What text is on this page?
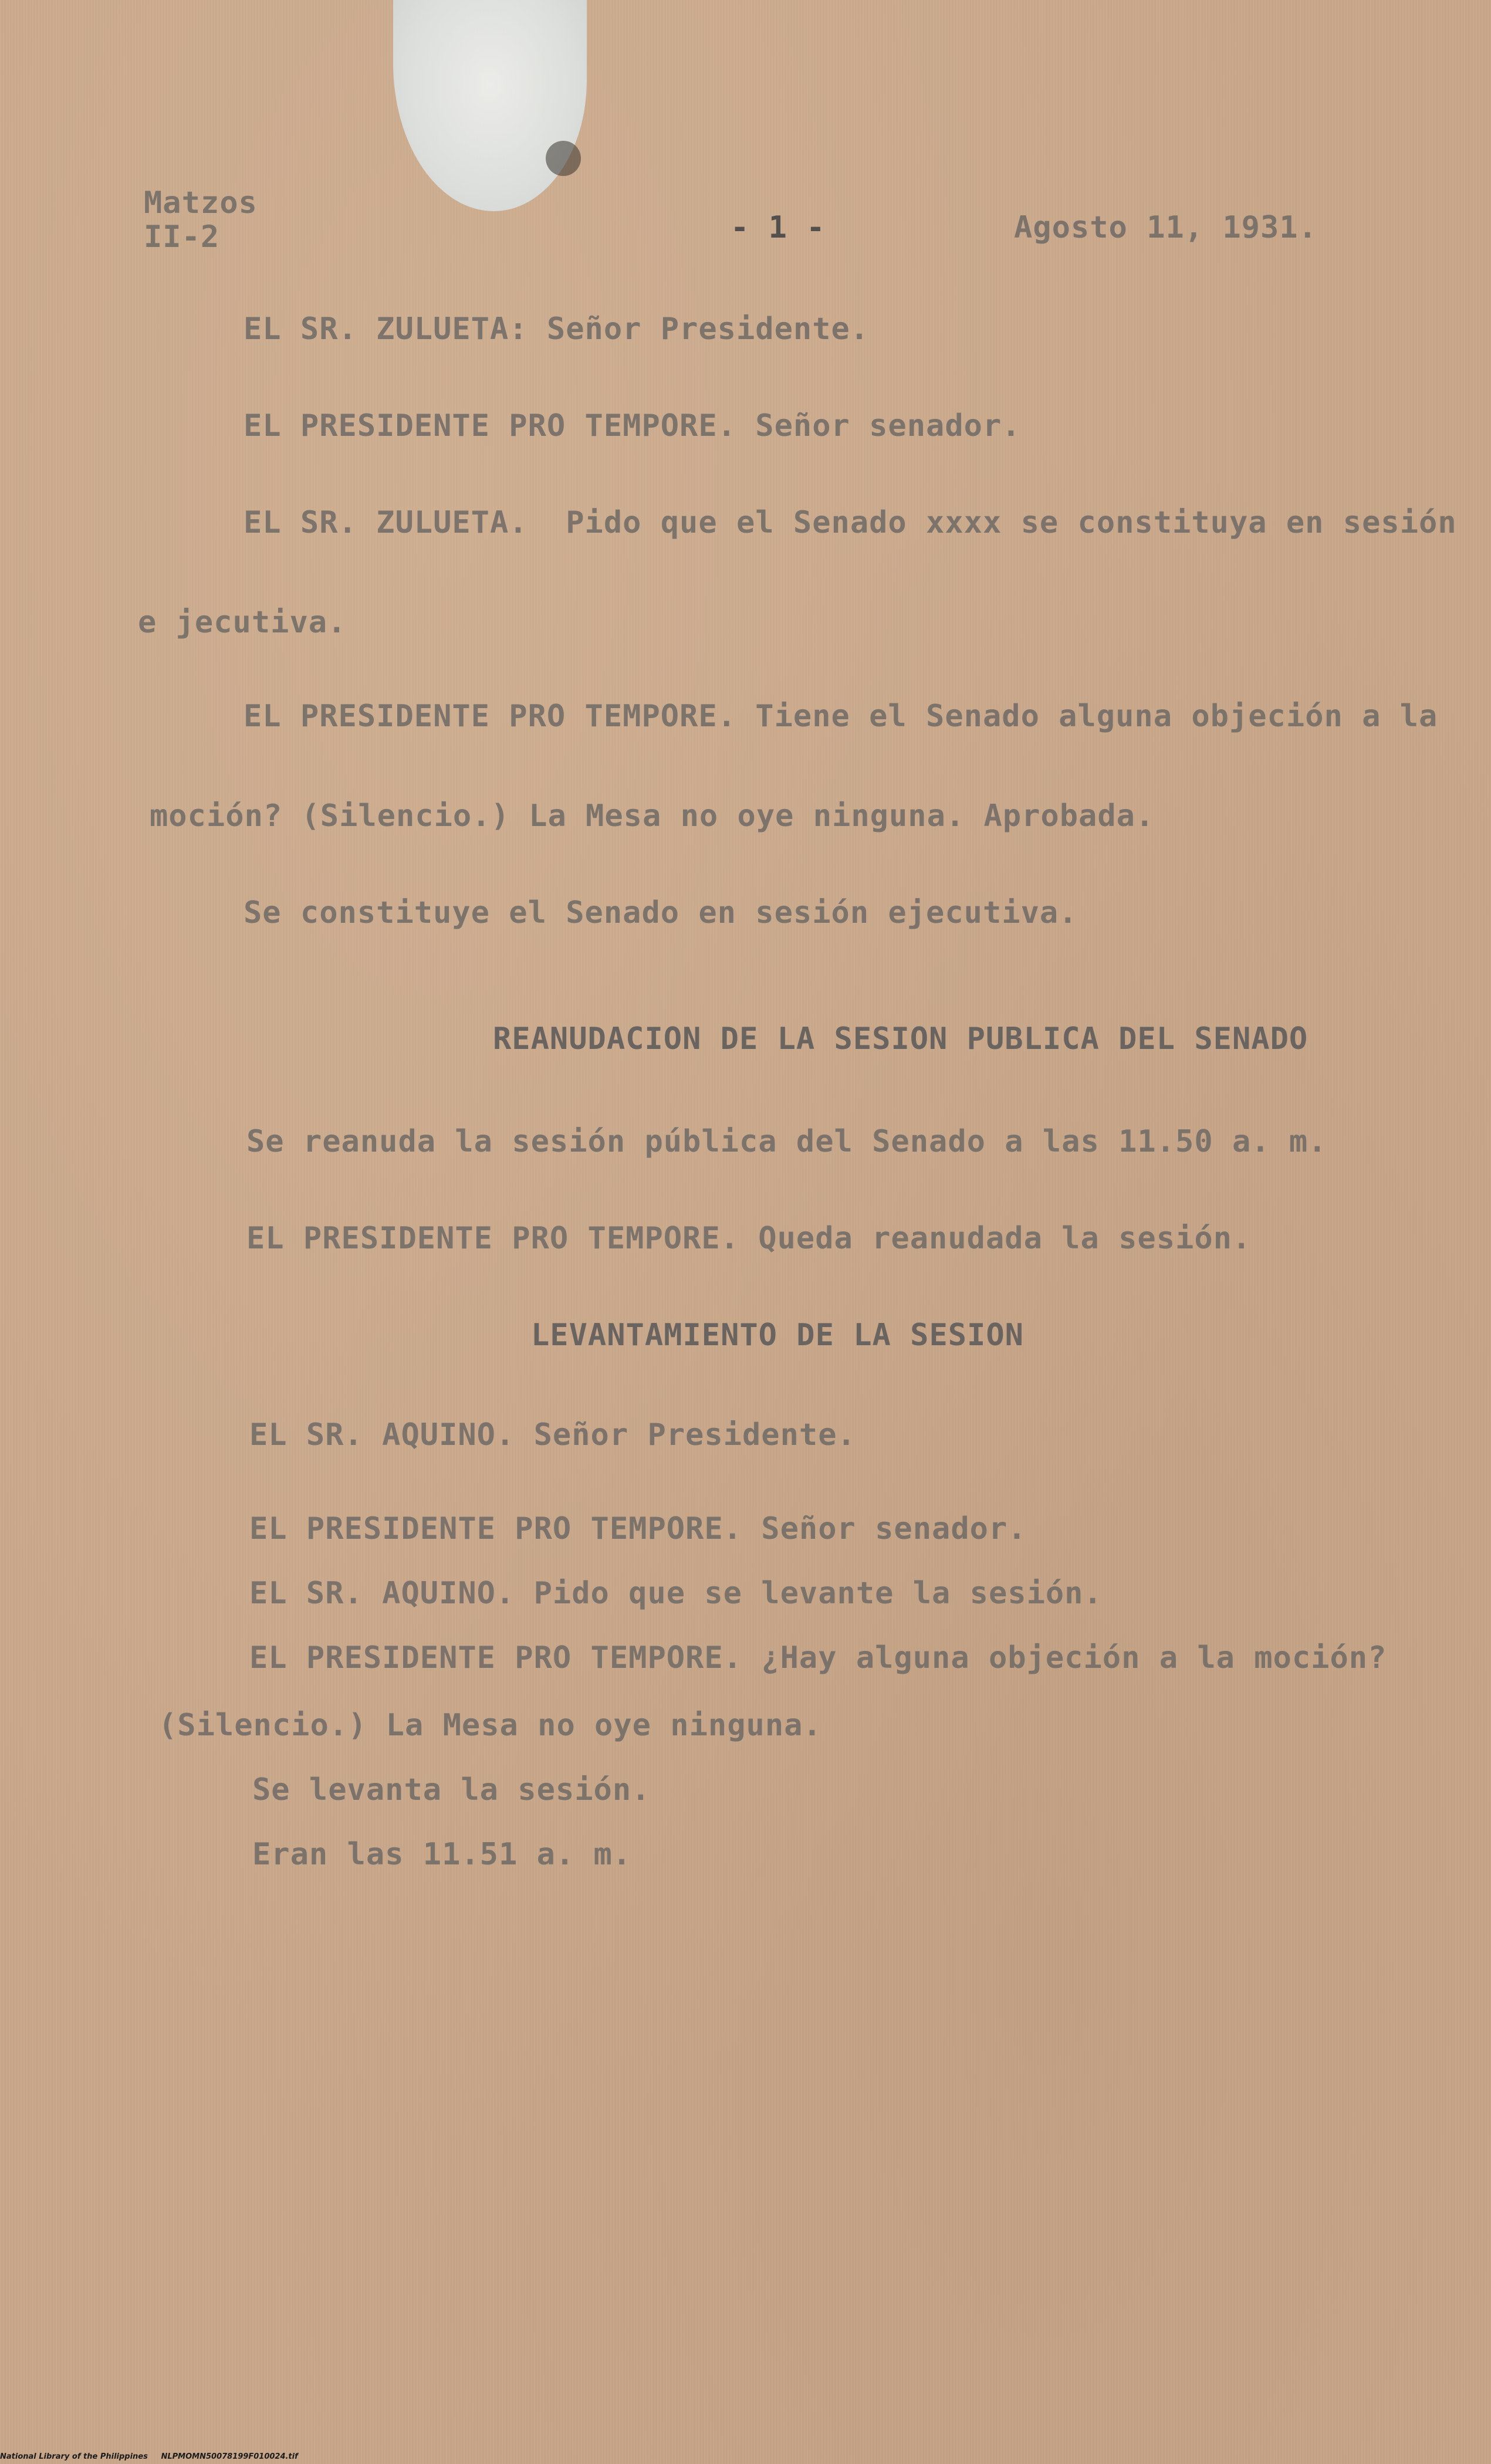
Matzos
II-2	- 1 -	Agosto 11, 1931.
EL SR. ZULUETA: Señor Presidente.
EL PRESIDENTE PRO TEMPORE. Señor senador.
EL SR. ZULUETA.  Pido que el Senado xxxx se constituya en sesión
e jecutiva.
EL PRESIDENTE PRO TEMPORE. Tiene el Senado alguna objeción a la
moción? (Silencio.) La Mesa no oye ninguna. Aprobada.
Se constituye el Senado en sesión ejecutiva.
REANUDACION DE LA SESION PUBLICA DEL SENADO
Se reanuda la sesión pública del Senado a las 11.50 a. m.
EL PRESIDENTE PRO TEMPORE. Queda reanudada la sesión.
LEVANTAMIENTO DE LA SESION
EL SR. AQUINO. Señor Presidente.
EL PRESIDENTE PRO TEMPORE. Señor senador.
EL SR. AQUINO. Pido que se levante la sesión.
EL PRESIDENTE PRO TEMPORE. ¿Hay alguna objeción a la moción?
(Silencio.) La Mesa no oye ninguna.
Se levanta la sesión.
Eran las 11.51 a. m.
National Library of the Philippines     NLPMOMN50078199F010024.tif
